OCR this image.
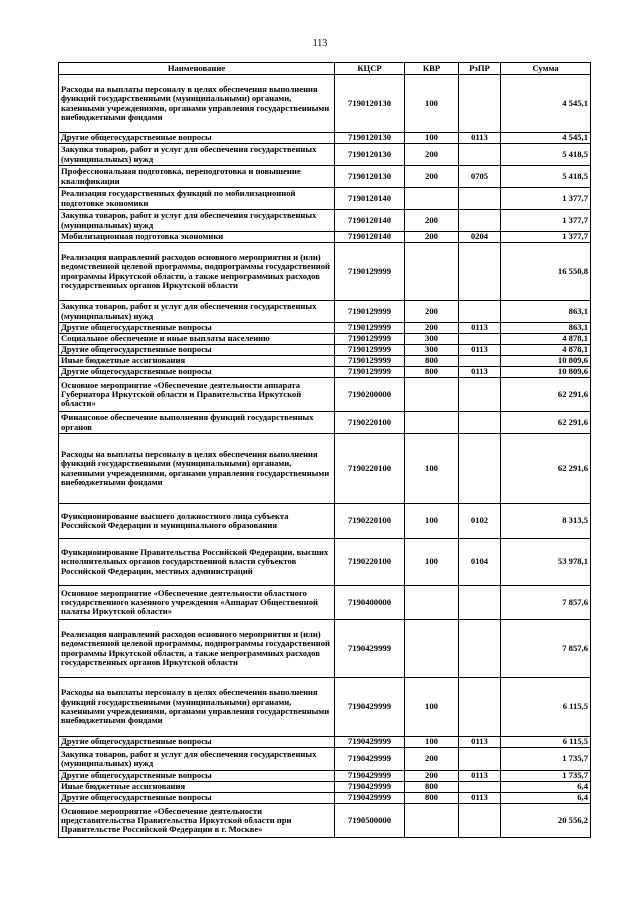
113
Наименование	КЦСР	КВР	РзПР	Сумма
Расходы на выплаты персоналу в целях обеспечения выполнения функций государственными (муниципальными) органами, казенными учреждениями, органами управления государственными внебюджетными фондами	7190120130	100		4 545,1
Другие общегосударственные вопросы	7190120130	100	0113	4 545,1
Закупка товаров, работ и услуг для обеспечения государственных (муниципальных) нужд	7190120130	200		5 418,5
Профессиональная подготовка, переподготовка и повышение квалификации	7190120130	200	0705	5 418,5
Реализация государственных функций по мобилизационной подготовке экономики	7190120140			1 377,7
Закупка товаров, работ и услуг для обеспечения государственных (муниципальных) нужд	7190120140	200		1 377,7
Мобилизационная подготовка экономики	7190120140	200	0204	1 377,7
Реализация направлений расходов основного мероприятия и (или) ведомственной целевой программы, подпрограммы государственной программы Иркутской области, а также непрограммных расходов государственных органов Иркутской области	7190129999			16 550,8
Закупка товаров, работ и услуг для обеспечения государственных (муниципальных) нужд	7190129999	200		863,1
Другие общегосударственные вопросы	7190129999	200	0113	863,1
Социальное обеспечение и иные выплаты населению	7190129999	300		4 878,1
Другие общегосударственные вопросы	7190129999	300	0113	4 878,1
Иные бюджетные ассигнования	7190129999	800		10 809,6
Другие общегосударственные вопросы	7190129999	800	0113	10 809,6
Основное мероприятие «Обеспечение деятельности аппарата Губернатора Иркутской области и Правительства Иркутской области»	7190200000			62 291,6
Финансовое обеспечение выполнения функций государственных органов	7190220100			62 291,6
Расходы на выплаты персоналу в целях обеспечения выполнения функций государственными (муниципальными) органами, казенными учреждениями, органами управления государственными внебюджетными фондами	7190220100	100		62 291,6
Функционирование высшего должностного лица субъекта Российской Федерации и муниципального образования	7190220100	100	0102	8 313,5
Функционирование Правительства Российской Федерации, высших исполнительных органов государственной власти субъектов Российской Федерации, местных администраций	7190220100	100	0104	53 978,1
Основное мероприятие «Обеспечение деятельности областного государственного казенного учреждения «Аппарат Общественной палаты Иркутской области»	7190400000			7 857,6
Реализация направлений расходов основного мероприятия и (или) ведомственной целевой программы, подпрограммы государственной программы Иркутской области, а также непрограммных расходов государственных органов Иркутской области	7190429999			7 857,6
Расходы на выплаты персоналу в целях обеспечения выполнения функций государственными (муниципальными) органами, казенными учреждениями, органами управления государственными внебюджетными фондами	7190429999	100		6 115,5
Другие общегосударственные вопросы	7190429999	100	0113	6 115,5
Закупка товаров, работ и услуг для обеспечения государственных (муниципальных) нужд	7190429999	200		1 735,7
Другие общегосударственные вопросы	7190429999	200	0113	1 735,7
Иные бюджетные ассигнования	7190429999	800		6,4
Другие общегосударственные вопросы	7190429999	800	0113	6,4
Основное мероприятие «Обеспечение деятельности представительства Правительства Иркутской области при Правительстве Российской Федерации в г. Москве»	7190500000			20 556,2
